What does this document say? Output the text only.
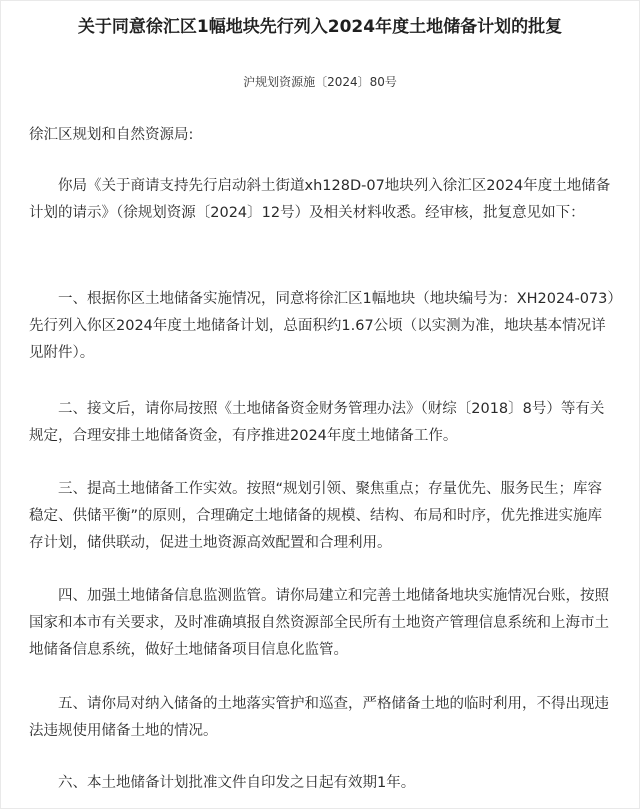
关于同意徐汇区1幅地块先行列入2024年度土地储备计划的批复
沪规划资源施〔2024〕80号
徐汇区规划和自然资源局:
你局《关于商请支持先行启动斜土街道xh128D-07地块列入徐汇区2024年度土地储备计划的请示》（徐规划资源〔2024〕12号）及相关材料收悉。经审核，批复意见如下：
一、根据你区土地储备实施情况，同意将徐汇区1幅地块（地块编号为：XH2024-073）先行列入你区2024年度土地储备计划，总面积约1.67公顷（以实测为准，地块基本情况详见附件）。
二、接文后，请你局按照《土地储备资金财务管理办法》（财综〔2018〕8号）等有关规定，合理安排土地储备资金，有序推进2024年度土地储备工作。
三、提高土地储备工作实效。按照“规划引领、聚焦重点；存量优先、服务民生；库容稳定、供储平衡”的原则，合理确定土地储备的规模、结构、布局和时序，优先推进实施库存计划，储供联动，促进土地资源高效配置和合理利用。
四、加强土地储备信息监测监管。请你局建立和完善土地储备地块实施情况台账，按照国家和本市有关要求，及时准确填报自然资源部全民所有土地资产管理信息系统和上海市土地储备信息系统，做好土地储备项目信息化监管。
五、请你局对纳入储备的土地落实管护和巡查，严格储备土地的临时利用，不得出现违法违规使用储备土地的情况。
六、本土地储备计划批准文件自印发之日起有效期1年。
